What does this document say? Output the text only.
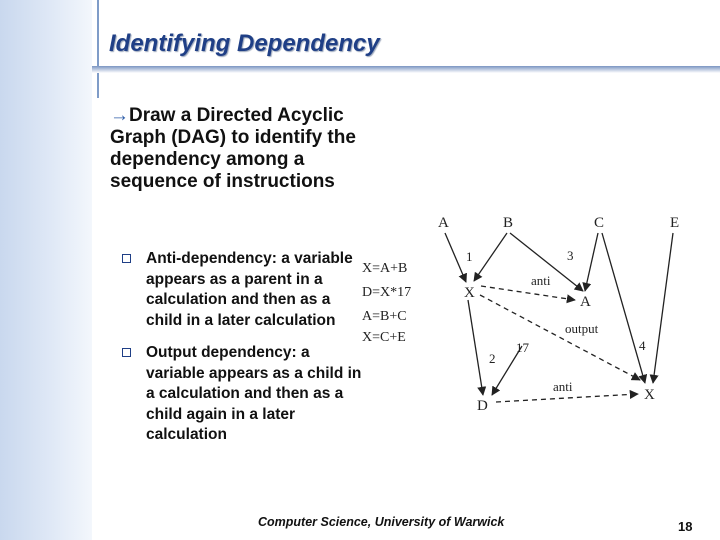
Identifying Dependency
→Draw a Directed Acyclic Graph (DAG) to identify the dependency among a sequence of instructions
Anti-dependency: a variable appears as a parent in a calculation and then as a child in a later calculation
Output dependency: a variable appears as a child in a calculation and then as a child again in a later calculation
X=A+B
D=X*17
A=B+C
X=C+E
A	B	C	E
X
A
D
X
17
1
2
3
4
anti
output
anti
Computer Science, University of Warwick	18
